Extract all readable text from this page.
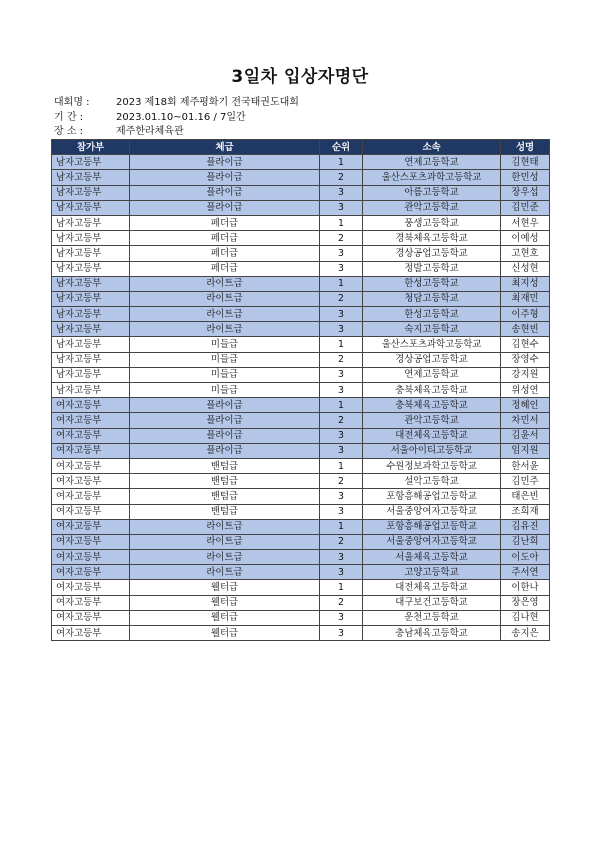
3일차 입상자명단
대회명 :	2023 제18회 제주평화기 전국태권도대회
기 간 :	2023.01.10~01.16 / 7일간
장 소 :	제주한라체육관
참가부	체급	순위	소속	성명
남자고등부	플라이급	1	연제고등학교	김현태
남자고등부	플라이급	2	울산스포츠과학고등학교	한민성
남자고등부	플라이급	3	아름고등학교	장우섭
남자고등부	플라이급	3	관악고등학교	김민준
남자고등부	페더급	1	풍생고등학교	서현우
남자고등부	페더급	2	경북체육고등학교	이예성
남자고등부	페더급	3	경상공업고등학교	고현호
남자고등부	페더급	3	정발고등학교	신성현
남자고등부	라이트급	1	한성고등학교	최지성
남자고등부	라이트급	2	청담고등학교	최재민
남자고등부	라이트급	3	한성고등학교	이주형
남자고등부	라이트급	3	숙지고등학교	송현빈
남자고등부	미들급	1	울산스포츠과학고등학교	김현수
남자고등부	미들급	2	경상공업고등학교	장영수
남자고등부	미들급	3	연제고등학교	강지원
남자고등부	미들급	3	충북체육고등학교	위성연
여자고등부	플라이급	1	충북체육고등학교	정혜인
여자고등부	플라이급	2	관악고등학교	차민서
여자고등부	플라이급	3	대전체육고등학교	김윤서
여자고등부	플라이급	3	서울아이티고등학교	임지원
여자고등부	밴텀급	1	수원정보과학고등학교	한서윤
여자고등부	밴텀급	2	설악고등학교	김민주
여자고등부	밴텀급	3	포항흥해공업고등학교	태은빈
여자고등부	밴텀급	3	서울중앙여자고등학교	조희재
여자고등부	라이트급	1	포항흥해공업고등학교	김유진
여자고등부	라이트급	2	서울중앙여자고등학교	김난희
여자고등부	라이트급	3	서울체육고등학교	이도아
여자고등부	라이트급	3	고양고등학교	주서연
여자고등부	웰터급	1	대전체육고등학교	이한나
여자고등부	웰터급	2	대구보건고등학교	장은영
여자고등부	웰터급	3	운천고등학교	김나현
여자고등부	웰터급	3	충남체육고등학교	송지은
